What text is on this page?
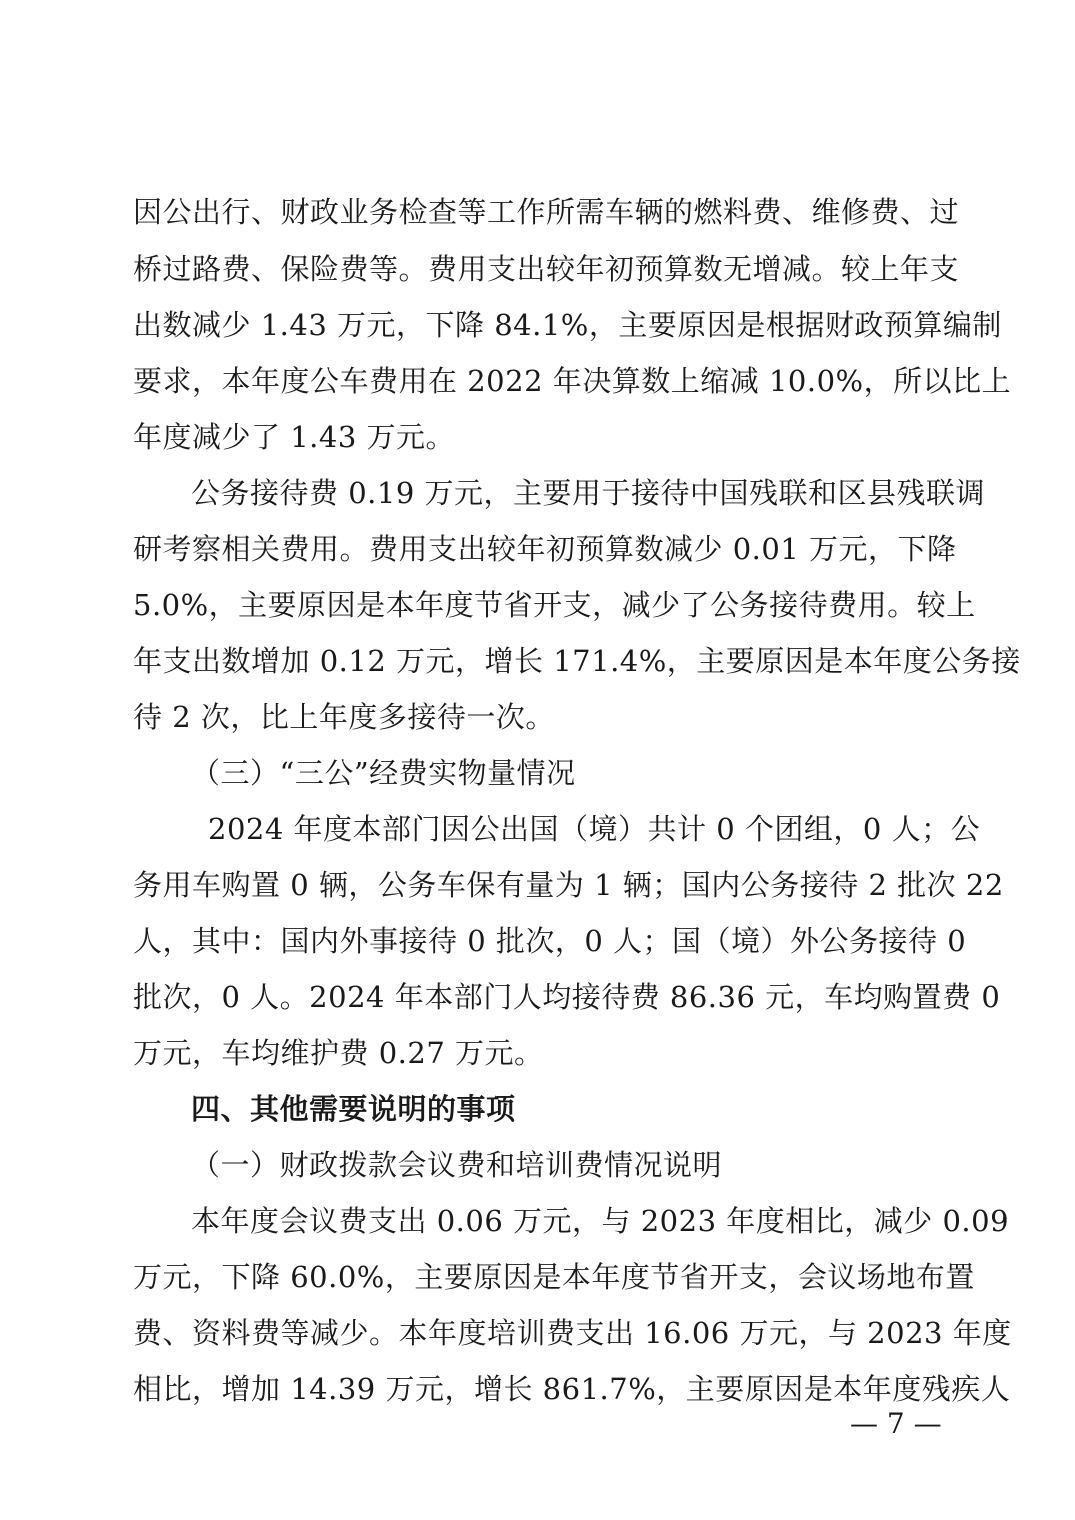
因公出行、财政业务检查等工作所需车辆的燃料费、维修费、过
桥过路费、保险费等。费用支出较年初预算数无增减。较上年支
出数减少 1.43 万元，下降 84.1%，主要原因是根据财政预算编制
要求，本年度公车费用在 2022 年决算数上缩减 10.0%，所以比上
年度减少了 1.43 万元。
公务接待费 0.19 万元，主要用于接待中国残联和区县残联调
研考察相关费用。费用支出较年初预算数减少 0.01 万元，下降
5.0%，主要原因是本年度节省开支，减少了公务接待费用。较上
年支出数增加 0.12 万元，增长 171.4%，主要原因是本年度公务接
待 2 次，比上年度多接待一次。
（三）“三公”经费实物量情况
2024 年度本部门因公出国（境）共计 0 个团组，0 人；公
务用车购置 0 辆，公务车保有量为 1 辆；国内公务接待 2 批次 22
人，其中：国内外事接待 0 批次，0 人；国（境）外公务接待 0
批次，0 人。2024 年本部门人均接待费 86.36 元，车均购置费 0
万元，车均维护费 0.27 万元。
四、其他需要说明的事项
（一）财政拨款会议费和培训费情况说明
本年度会议费支出 0.06 万元，与 2023 年度相比，减少 0.09
万元，下降 60.0%，主要原因是本年度节省开支，会议场地布置
费、资料费等减少。本年度培训费支出 16.06 万元，与 2023 年度
相比，增加 14.39 万元，增长 861.7%，主要原因是本年度残疾人
— 7 —
